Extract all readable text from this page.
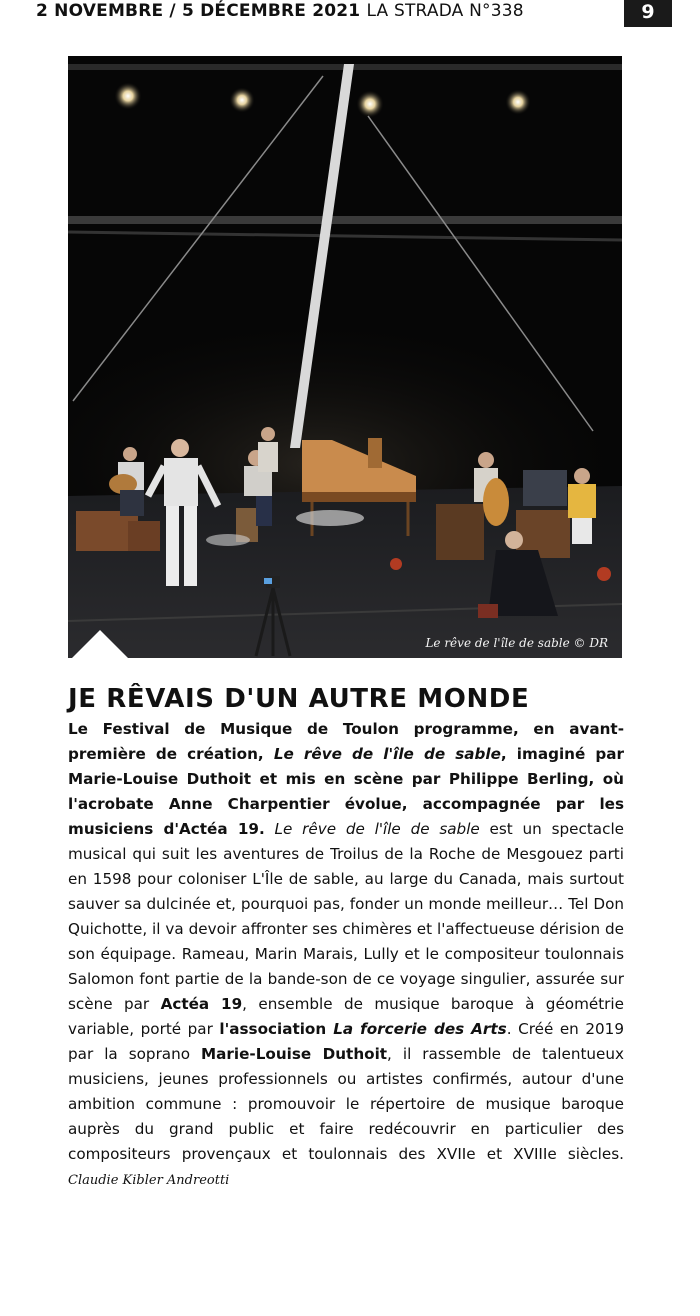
2 NOVEMBRE / 5 DÉCEMBRE 2021 LA STRADA N°338	9
Le rêve de l'île de sable © DR
JE RÊVAIS D'UN AUTRE MONDE
Le Festival de Musique de Toulon programme, en avant-première de création, Le rêve de l'île de sable, imaginé par Marie-Louise Duthoit et mis en scène par Philippe Berling, où l'acrobate Anne Charpentier évolue, accompagnée par les musiciens d'Actéa 19. Le rêve de l'île de sable est un spectacle musical qui suit les aventures de Troilus de la Roche de Mesgouez parti en 1598 pour coloniser L'Île de sable, au large du Canada, mais surtout sauver sa dulcinée et, pourquoi pas, fonder un monde meilleur… Tel Don Quichotte, il va devoir affronter ses chimères et l'affectueuse dérision de son équipage. Rameau, Marin Marais, Lully et le compositeur toulonnais Salomon font partie de la bande-son de ce voyage singulier, assurée sur scène par Actéa 19, ensemble de musique baroque à géométrie variable, porté par l'association La forcerie des Arts. Créé en 2019 par la soprano Marie-Louise Duthoit, il rassemble de talentueux musiciens, jeunes professionnels ou artistes confirmés, autour d'une ambition commune : promouvoir le répertoire de musique baroque auprès du grand public et faire redécouvrir en particulier des compositeurs provençaux et toulonnais des XVIIe et XVIIIe siècles. Claudie Kibler Andreotti
